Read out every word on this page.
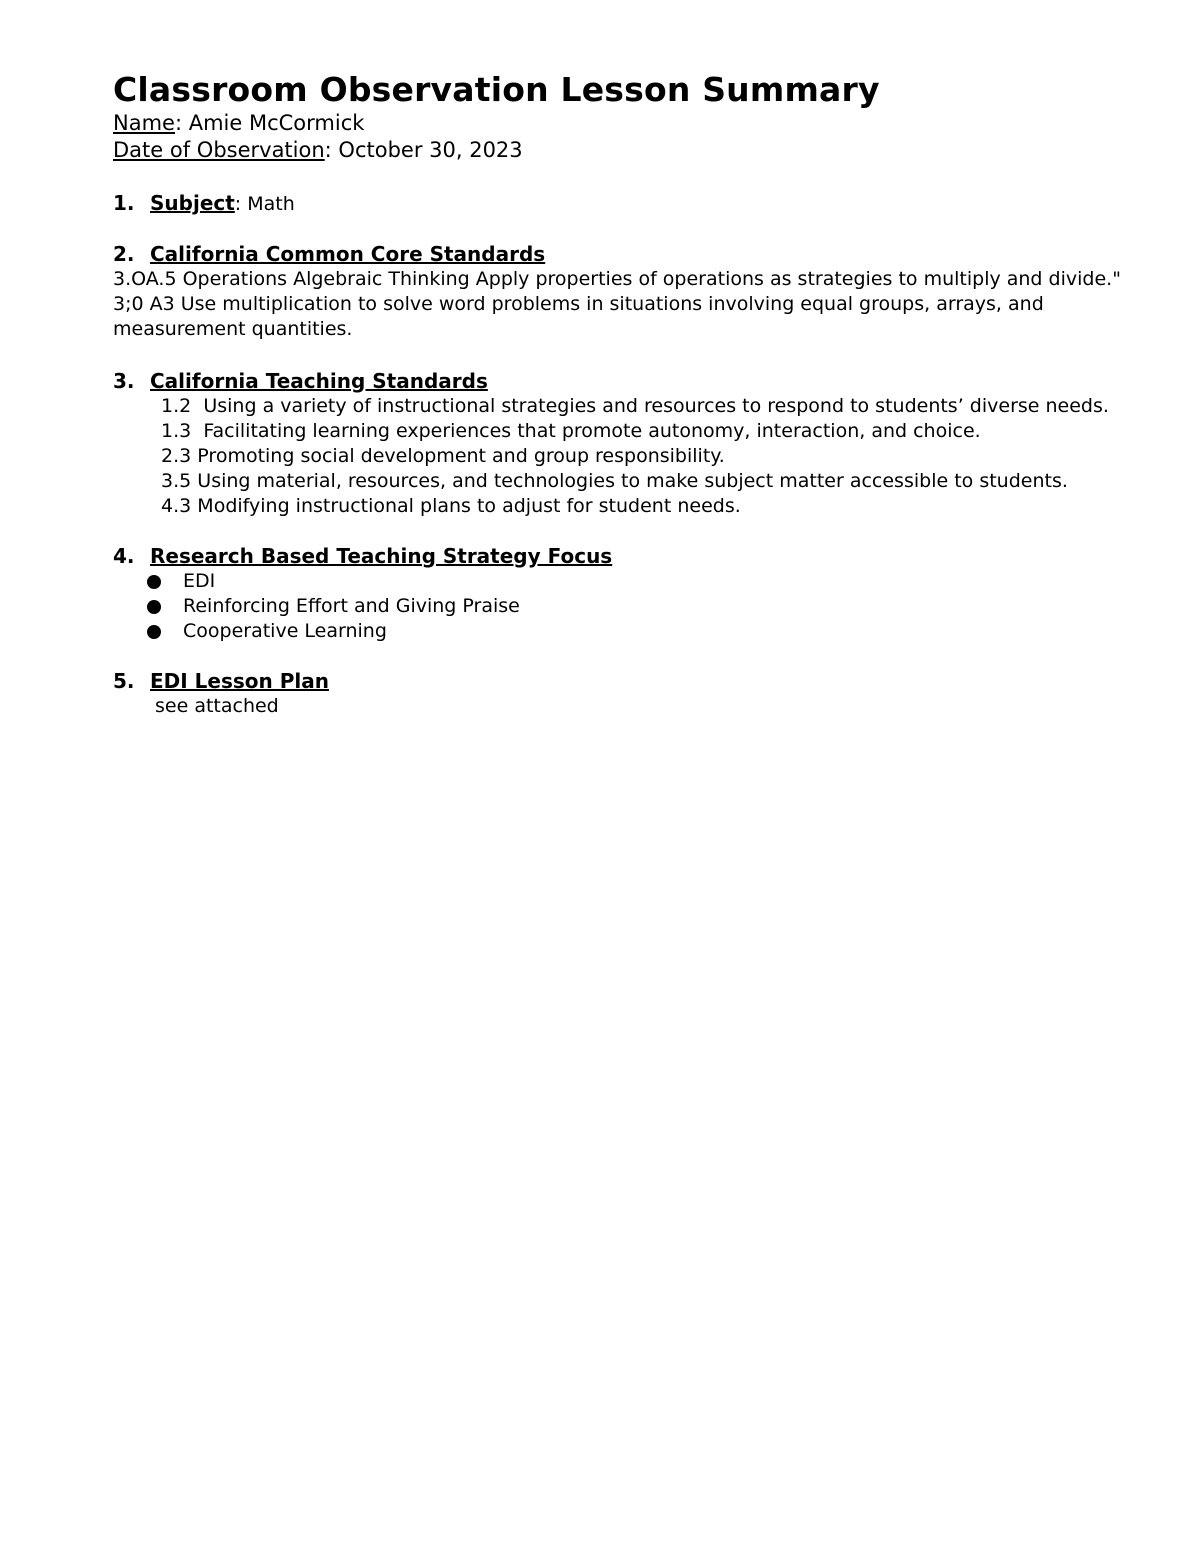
Classroom Observation Lesson Summary
Name: Amie McCormick
Date of Observation: October 30, 2023
1. Subject : Math
2. California Common Core Standards
3.OA.5 Operations Algebraic Thinking Apply properties of operations as strategies to multiply and divide."
3;0 A3 Use multiplication to solve word problems in situations involving equal groups, arrays, and measurement quantities.
3. California Teaching Standards
1.2  Using a variety of instructional strategies and resources to respond to students’ diverse needs.
1.3  Facilitating learning experiences that promote autonomy, interaction, and choice.
2.3 Promoting social development and group responsibility.
3.5 Using material, resources, and technologies to make subject matter accessible to students.
4.3 Modifying instructional plans to adjust for student needs.
4. Research Based Teaching Strategy Focus
EDI
Reinforcing Effort and Giving Praise
Cooperative Learning
5. EDI Lesson Plan
see attached
